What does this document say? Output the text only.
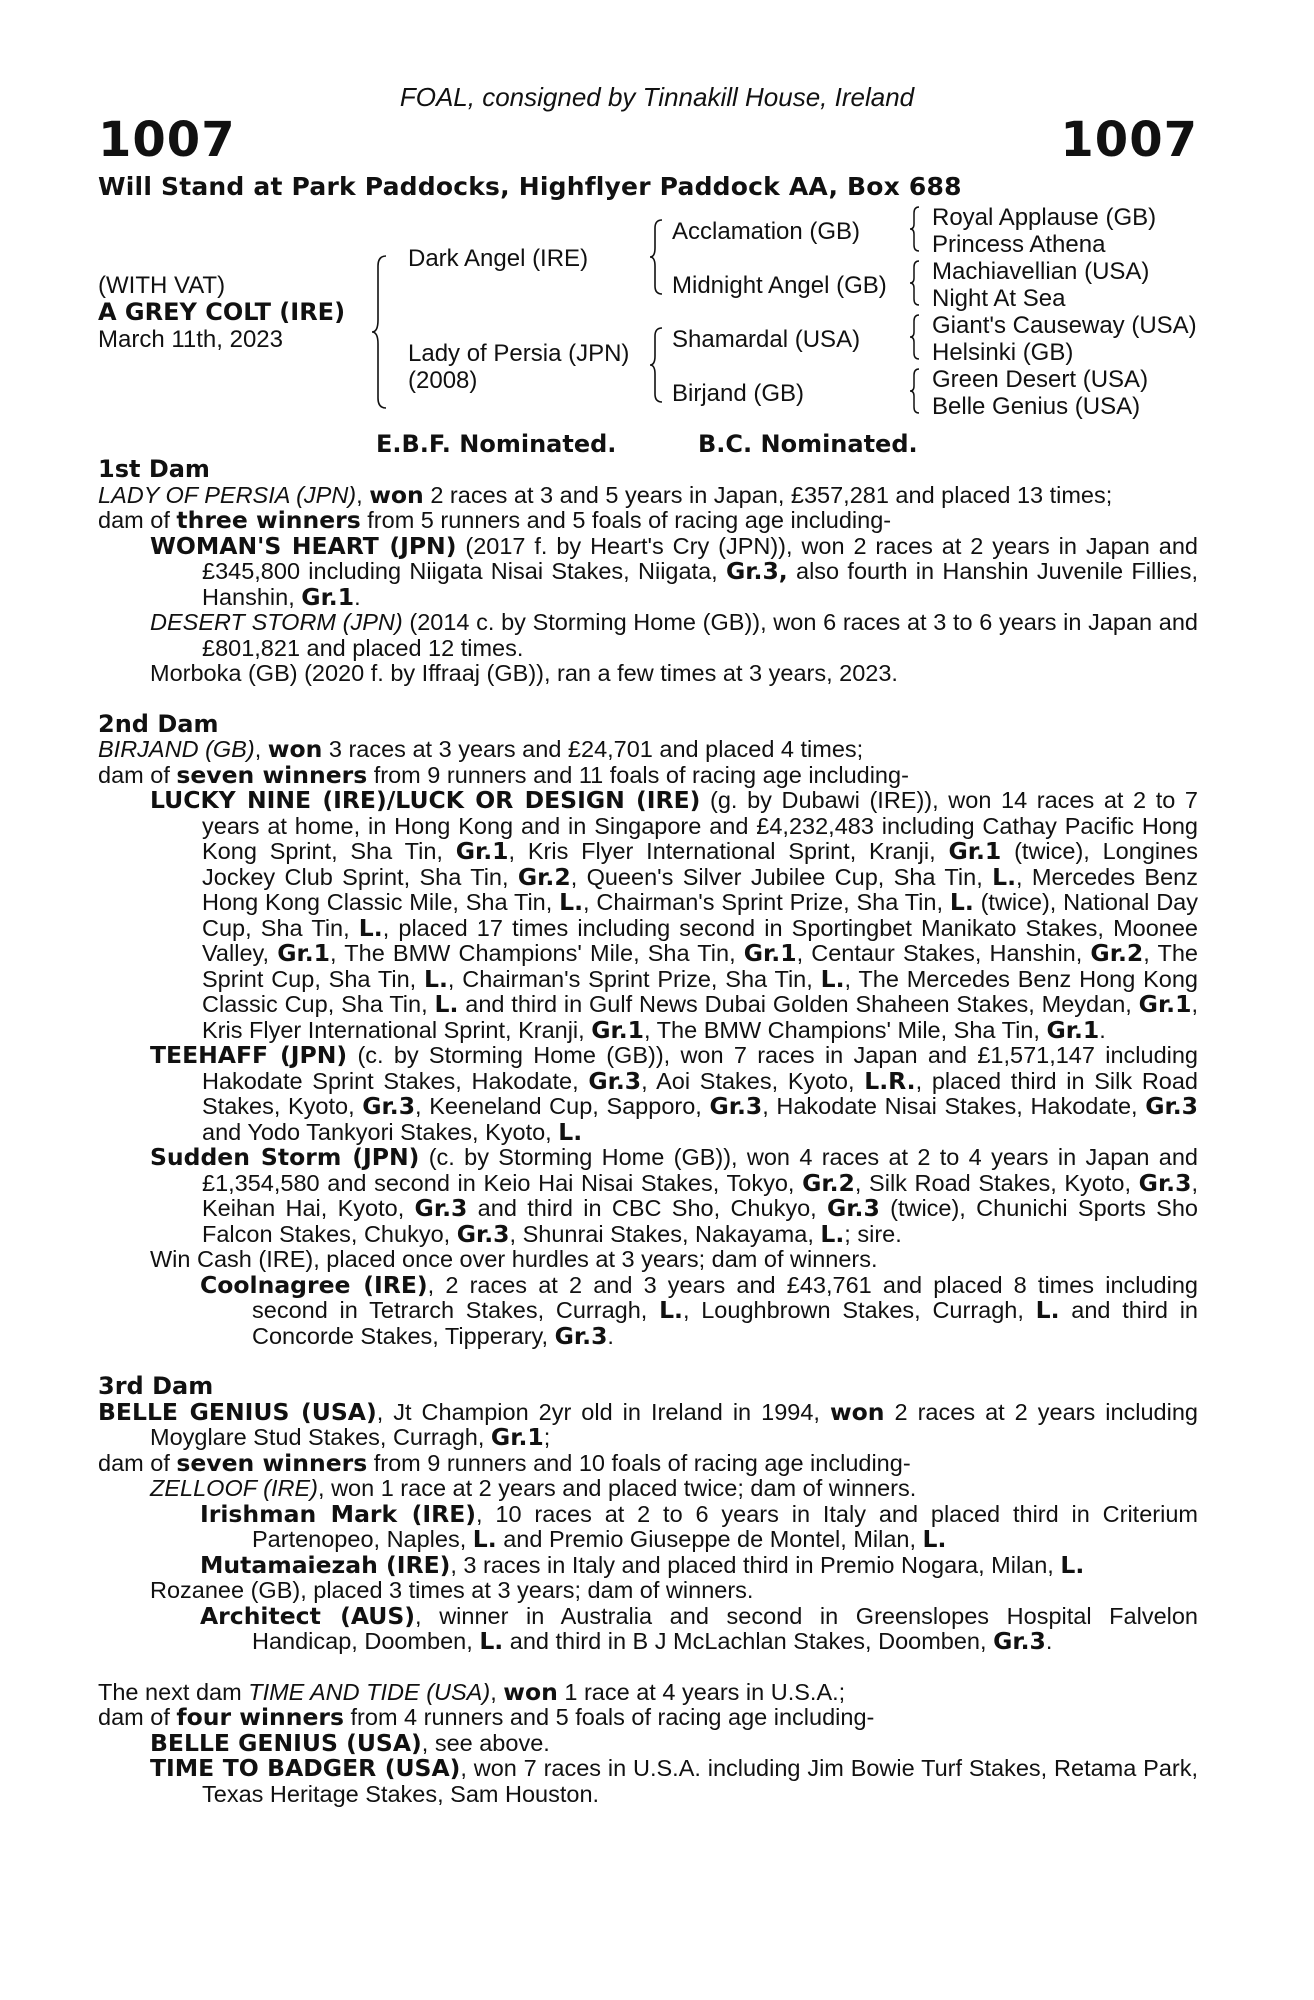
FOAL, consigned by Tinnakill House, Ireland
1007	1007
Will Stand at Park Paddocks, Highflyer Paddock AA, Box 688
(WITH VAT)
A GREY COLT (IRE)
March 11th, 2023
Dark Angel (IRE)
Lady of Persia (JPN)
(2008)
Acclamation (GB)
Midnight Angel (GB)
Shamardal (USA)
Birjand (GB)
Royal Applause (GB)
Princess Athena
Machiavellian (USA)
Night At Sea
Giant's Causeway (USA)
Helsinki (GB)
Green Desert (USA)
Belle Genius (USA)
E.B.F. Nominated.	B.C. Nominated.

1st Dam

LADY OF PERSIA (JPN), won 2 races at 3 and 5 years in Japan, £357,281 and placed 13 times;

dam of three winners from 5 runners and 5 foals of racing age including-

WOMAN'S HEART (JPN) (2017 f. by Heart's Cry (JPN)), won 2 races at 2 years in Japan and £345,800 including Niigata Nisai Stakes, Niigata, Gr.3, also fourth in Hanshin Juvenile Fillies, Hanshin, Gr.1.

DESERT STORM (JPN) (2014 c. by Storming Home (GB)), won 6 races at 3 to 6 years in Japan and £801,821 and placed 12 times.

Morboka (GB) (2020 f. by Iffraaj (GB)), ran a few times at 3 years, 2023.

2nd Dam

BIRJAND (GB), won 3 races at 3 years and £24,701 and placed 4 times;

dam of seven winners from 9 runners and 11 foals of racing age including-

LUCKY NINE (IRE)/LUCK OR DESIGN (IRE) (g. by Dubawi (IRE)), won 14 races at 2 to 7 years at home, in Hong Kong and in Singapore and £4,232,483 including Cathay Pacific Hong Kong Sprint, Sha Tin, Gr.1, Kris Flyer International Sprint, Kranji, Gr.1 (twice), Longines Jockey Club Sprint, Sha Tin, Gr.2, Queen's Silver Jubilee Cup, Sha Tin, L., Mercedes Benz Hong Kong Classic Mile, Sha Tin, L., Chairman's Sprint Prize, Sha Tin, L. (twice), National Day Cup, Sha Tin, L., placed 17 times including second in Sportingbet Manikato Stakes, Moonee Valley, Gr.1, The BMW Champions' Mile, Sha Tin, Gr.1, Centaur Stakes, Hanshin, Gr.2, The Sprint Cup, Sha Tin, L., Chairman's Sprint Prize, Sha Tin, L., The Mercedes Benz Hong Kong Classic Cup, Sha Tin, L. and third in Gulf News Dubai Golden Shaheen Stakes, Meydan, Gr.1, Kris Flyer International Sprint, Kranji, Gr.1, The BMW Champions' Mile, Sha Tin, Gr.1.

TEEHAFF (JPN) (c. by Storming Home (GB)), won 7 races in Japan and £1,571,147 including Hakodate Sprint Stakes, Hakodate, Gr.3, Aoi Stakes, Kyoto, L.R., placed third in Silk Road Stakes, Kyoto, Gr.3, Keeneland Cup, Sapporo, Gr.3, Hakodate Nisai Stakes, Hakodate, Gr.3 and Yodo Tankyori Stakes, Kyoto, L.

Sudden Storm (JPN) (c. by Storming Home (GB)), won 4 races at 2 to 4 years in Japan and £1,354,580 and second in Keio Hai Nisai Stakes, Tokyo, Gr.2, Silk Road Stakes, Kyoto, Gr.3, Keihan Hai, Kyoto, Gr.3 and third in CBC Sho, Chukyo, Gr.3 (twice), Chunichi Sports Sho Falcon Stakes, Chukyo, Gr.3, Shunrai Stakes, Nakayama, L.; sire.

Win Cash (IRE), placed once over hurdles at 3 years; dam of winners.

Coolnagree (IRE), 2 races at 2 and 3 years and £43,761 and placed 8 times including second in Tetrarch Stakes, Curragh, L., Loughbrown Stakes, Curragh, L. and third in Concorde Stakes, Tipperary, Gr.3.

3rd Dam

BELLE GENIUS (USA), Jt Champion 2yr old in Ireland in 1994, won 2 races at 2 years including Moyglare Stud Stakes, Curragh, Gr.1;

dam of seven winners from 9 runners and 10 foals of racing age including-

ZELLOOF (IRE), won 1 race at 2 years and placed twice; dam of winners.

Irishman Mark (IRE), 10 races at 2 to 6 years in Italy and placed third in Criterium Partenopeo, Naples, L. and Premio Giuseppe de Montel, Milan, L.

Mutamaiezah (IRE), 3 races in Italy and placed third in Premio Nogara, Milan, L.

Rozanee (GB), placed 3 times at 3 years; dam of winners.

Architect (AUS), winner in Australia and second in Greenslopes Hospital Falvelon Handicap, Doomben, L. and third in B J McLachlan Stakes, Doomben, Gr.3.

The next dam TIME AND TIDE (USA), won 1 race at 4 years in U.S.A.;

dam of four winners from 4 runners and 5 foals of racing age including-

BELLE GENIUS (USA), see above.

TIME TO BADGER (USA), won 7 races in U.S.A. including Jim Bowie Turf Stakes, Retama Park, Texas Heritage Stakes, Sam Houston.
